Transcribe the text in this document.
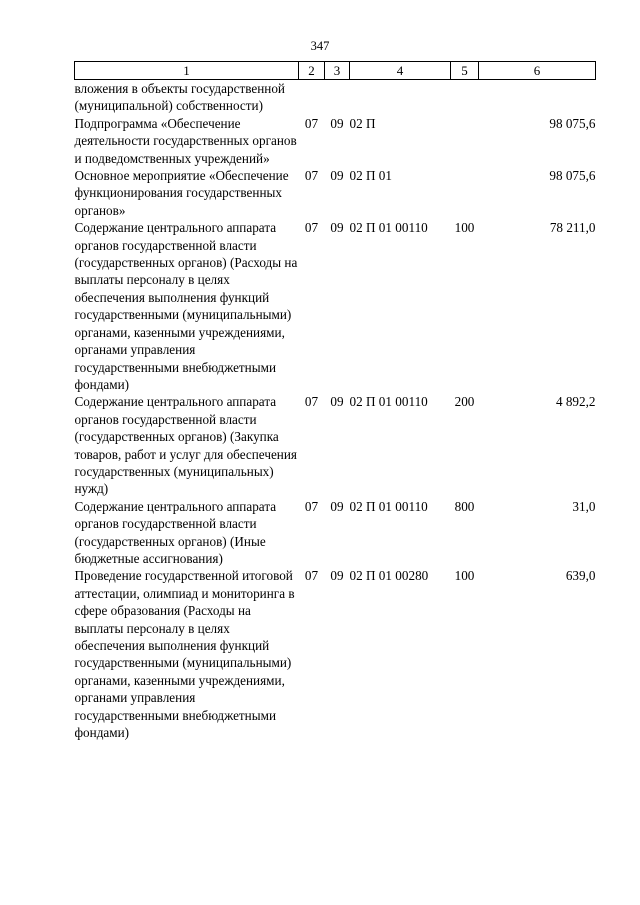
347
1	2	3	4	5	6
вложения в объекты государственной (муниципальной) собственности)					
Подпрограмма «Обеспечение деятельности государственных органов и подведомственных учреждений»	07	09	02 П		98 075,6
Основное мероприятие «Обеспечение функционирования государственных органов»	07	09	02 П 01		98 075,6
Содержание центрального аппарата органов государственной власти (государственных органов) (Расходы на выплаты персоналу в целях обеспечения выполнения функций государственными (муниципальными) органами, казенными учреждениями, органами управления государственными внебюджетными фондами)	07	09	02 П 01 00110	100	78 211,0
Содержание центрального аппарата органов государственной власти (государственных органов) (Закупка товаров, работ и услуг для обеспечения государственных (муниципальных) нужд)	07	09	02 П 01 00110	200	4 892,2
Содержание центрального аппарата органов государственной власти (государственных органов) (Иные бюджетные ассигнования)	07	09	02 П 01 00110	800	31,0
Проведение государственной итоговой аттестации, олимпиад и мониторинга в сфере образования (Расходы на выплаты персоналу в целях обеспечения выполнения функций государственными (муниципальными) органами, казенными учреждениями, органами управления государственными внебюджетными фондами)	07	09	02 П 01 00280	100	639,0
